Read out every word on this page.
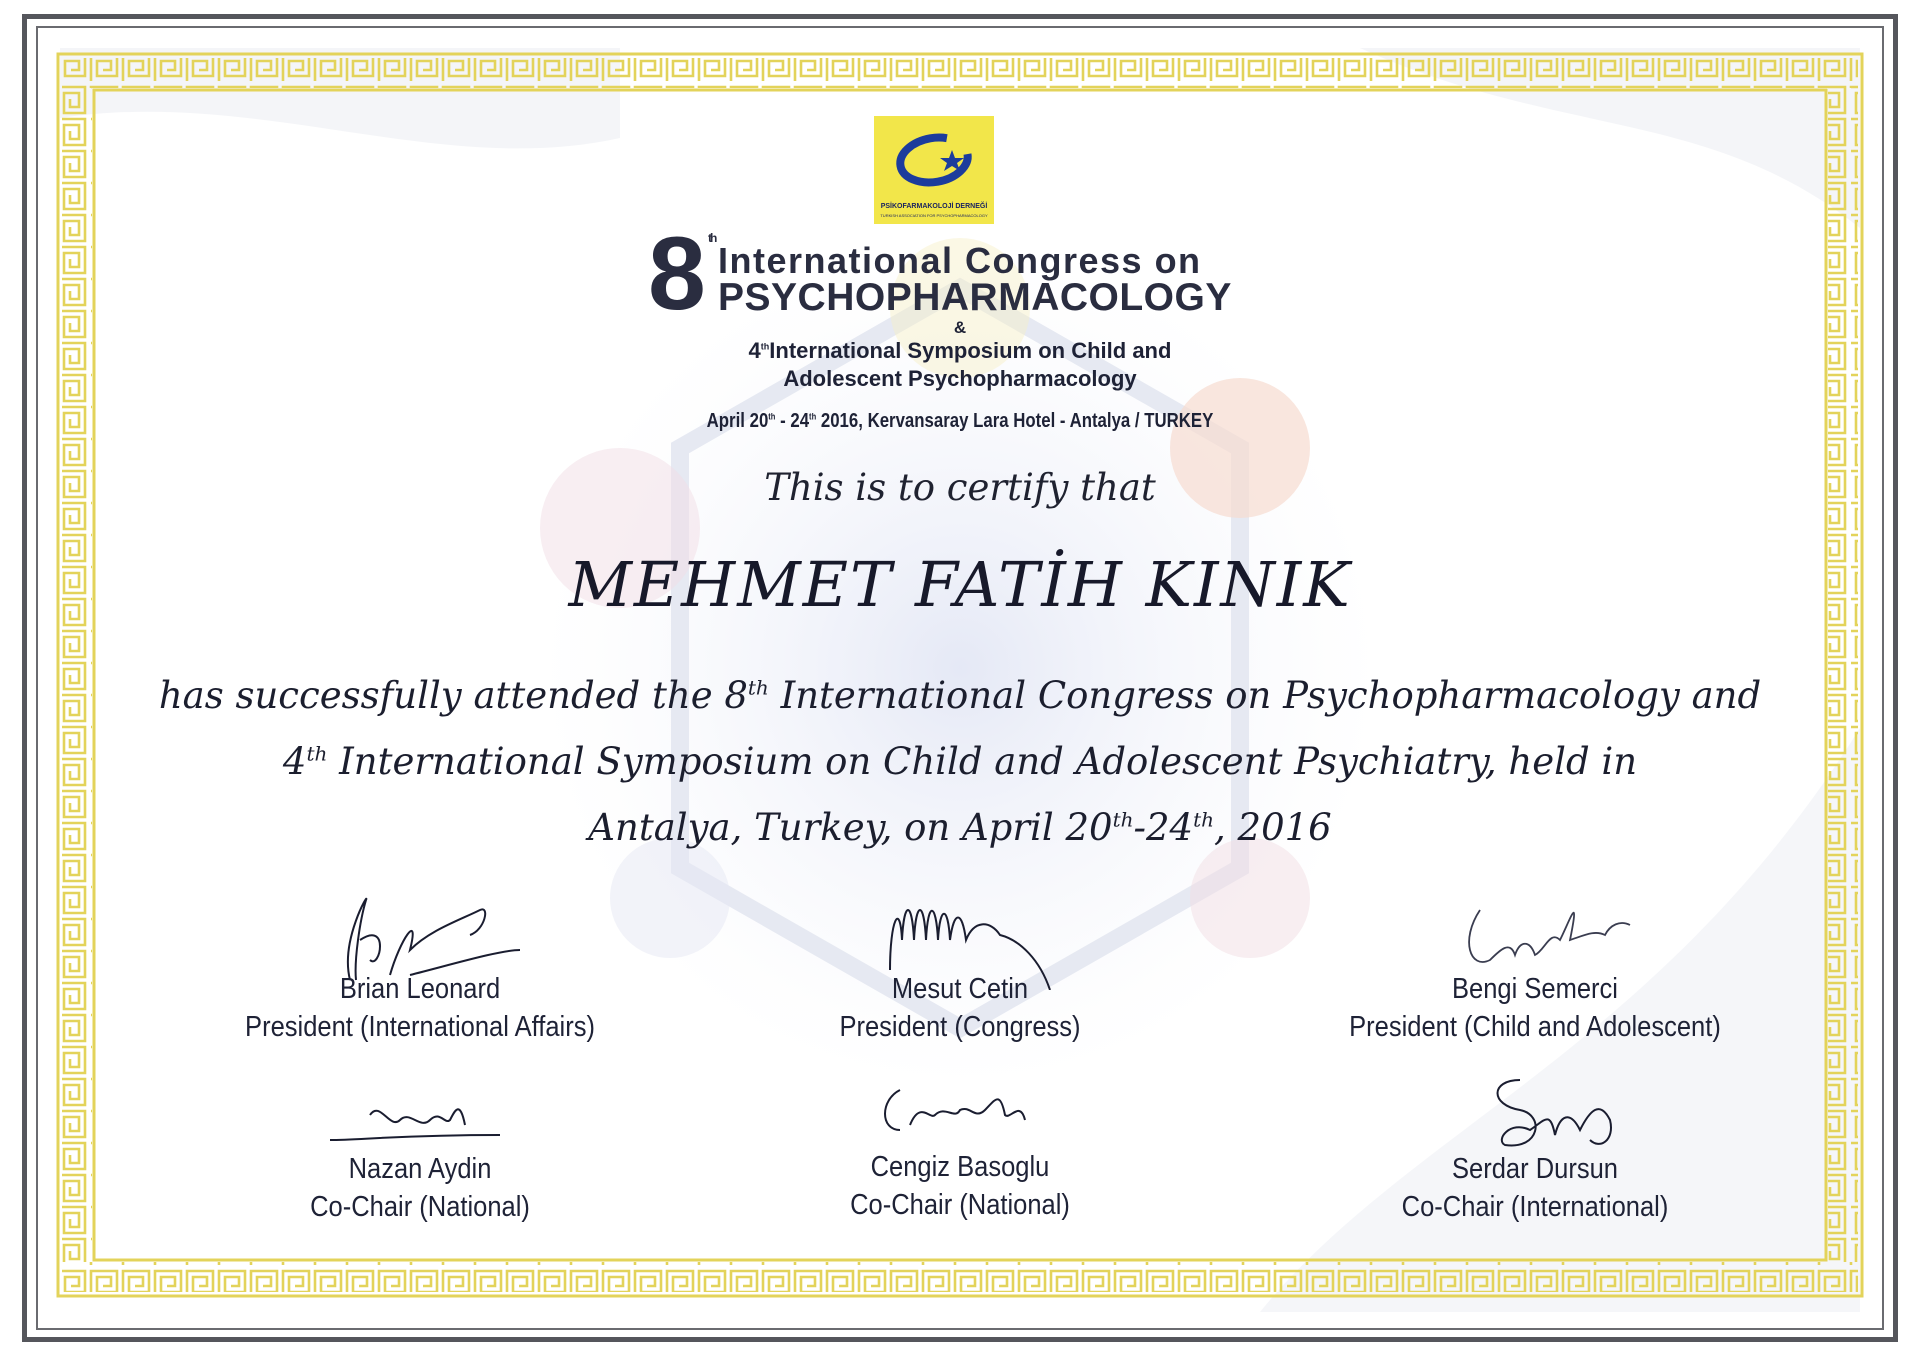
PSİKOFARMAKOLOJİ DERNEĞİ
TURKISH ASSOCIATION FOR PSYCHOPHARMACOLOGY
8 th
International Congress on
PSYCHOPHARMACOLOGY
&
4thInternational Symposium on Child and
Adolescent Psychopharmacology
April 20th - 24th 2016, Kervansaray Lara Hotel - Antalya / TURKEY
This is to certify that
MEHMET FATİH KINIK
has successfully attended the 8th International Congress on Psychopharmacology and
4th International Symposium on Child and Adolescent Psychiatry, held in
Antalya, Turkey, on April 20th-24th, 2016
Brian Leonard
President (International Affairs)
Mesut Cetin
President (Congress)
Bengi Semerci
President (Child and Adolescent)
Nazan Aydin
Co-Chair (National)
Cengiz Basoglu
Co-Chair (National)
Serdar Dursun
Co-Chair (International)
